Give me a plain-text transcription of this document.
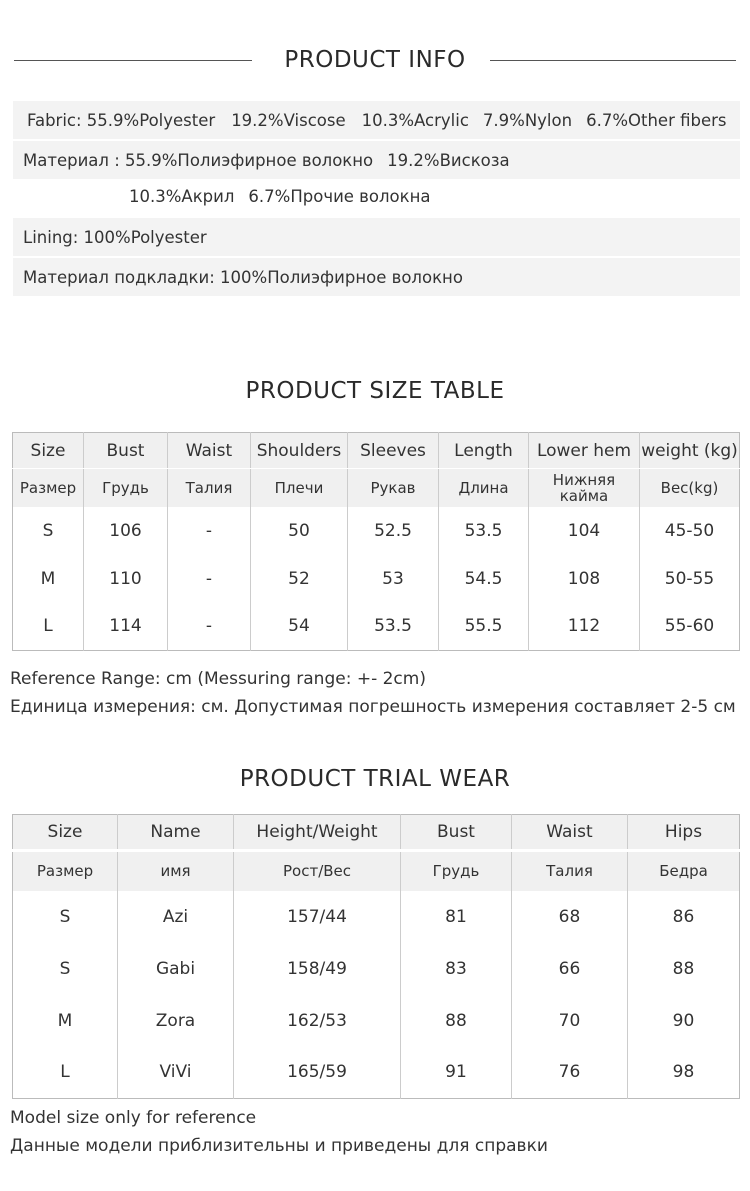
PRODUCT INFO
Fabric: 55.9%Polyester 19.2%Viscose 10.3%Acrylic 7.9%Nylon 6.7%Other fibers
Материал : 55.9%Полиэфирное волокно 19.2%Вискоза
10.3%Акрил 6.7%Прочие волокна
Lining: 100%Polyester
Материал подкладки: 100%Полиэфирное волокно
PRODUCT SIZE TABLE
Size	Bust	Waist	Shoulders	Sleeves	Length	Lower hem	weight (kg)
Размер	Грудь	Талия	Плечи	Рукав	Длина	Нижняя кайма	Вес(kg)
S	106	-	50	52.5	53.5	104	45-50
M	110	-	52	53	54.5	108	50-55
L	114	-	54	53.5	55.5	112	55-60
Reference Range: cm (Messuring range: +- 2cm)
Единица измерения: см. Допустимая погрешность измерения составляет 2-5 см
PRODUCT TRIAL WEAR
Size	Name	Height/Weight	Bust	Waist	Hips
Размер	имя	Рост/Вес	Грудь	Талия	Бедра
S	Azi	157/44	81	68	86
S	Gabi	158/49	83	66	88
M	Zora	162/53	88	70	90
L	ViVi	165/59	91	76	98
Model size only for reference
Данные модели приблизительны и приведены для справки
